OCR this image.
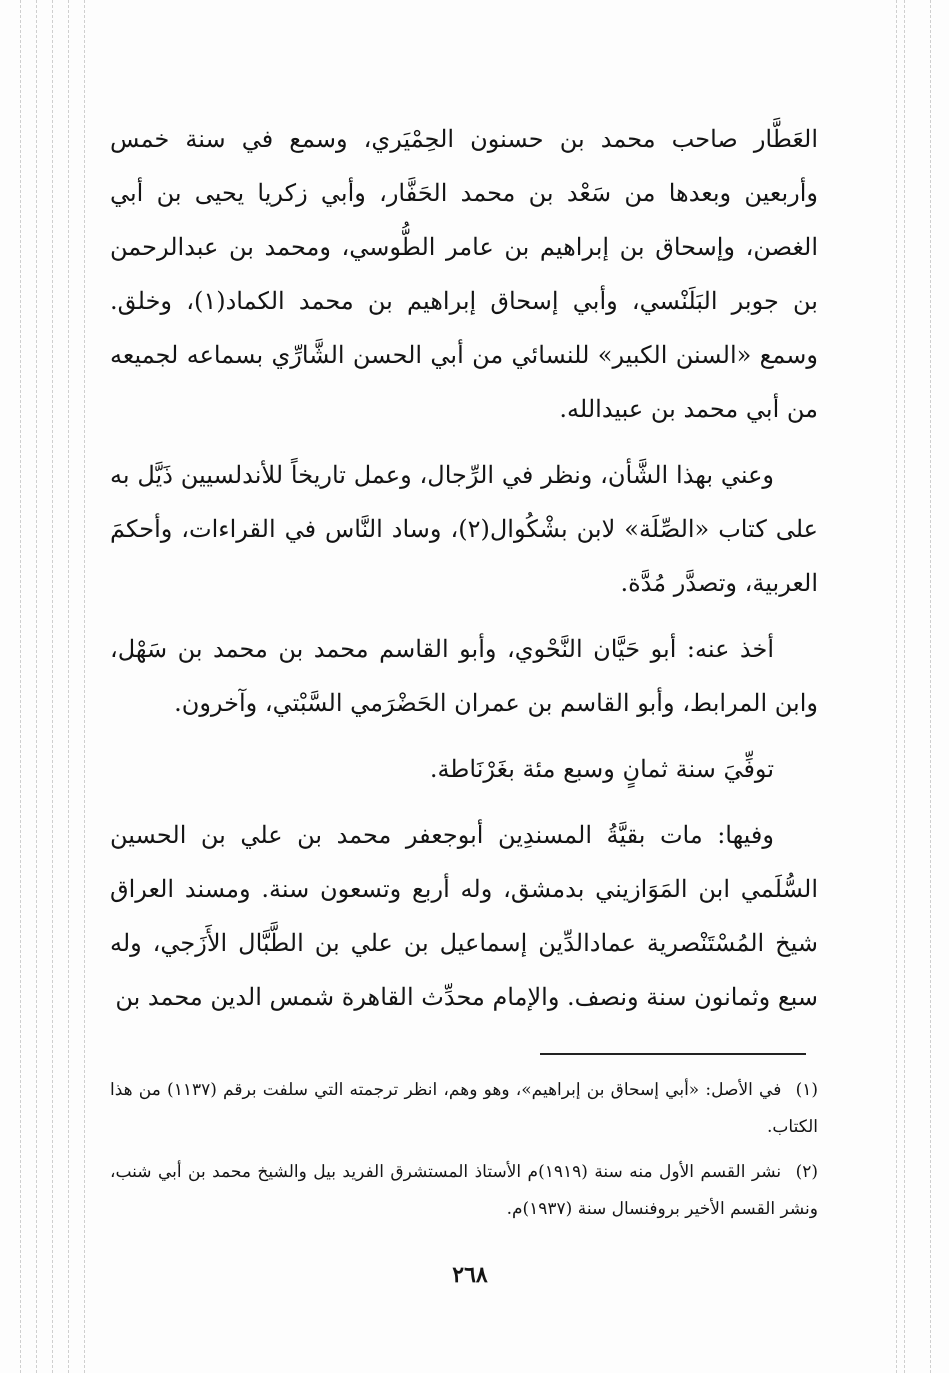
العَطَّار صاحب محمد بن حسنون الحِمْيَري، وسمع في سنة خمس وأربعين وبعدها من سَعْد بن محمد الحَفَّار، وأبي زكريا يحيى بن أبي الغصن، وإسحاق بن إبراهيم بن عامر الطُّوسي، ومحمد بن عبدالرحمن بن جوبر البَلَنْسي، وأبي إسحاق إبراهيم بن محمد الكماد(١)، وخلق. وسمع «السنن الكبير» للنسائي من أبي الحسن الشَّارِّي بسماعه لجميعه من أبي محمد بن عبيدالله.

وعني بهذا الشَّأن، ونظر في الرِّجال، وعمل تاريخاً للأندلسيين ذَيَّل به على كتاب «الصِّلَة» لابن بشْكُوال(٢)، وساد النَّاس في القراءات، وأحكمَ العربية، وتصدَّر مُدَّة.

أخذ عنه: أبو حَيَّان النَّحْوي، وأبو القاسم محمد بن محمد بن سَهْل، وابن المرابط، وأبو القاسم بن عمران الحَضْرَمي السَّبْتي، وآخرون.

توفِّيَ سنة ثمانٍ وسبع مئة بغَرْنَاطة.

وفيها: مات بقيَّةُ المسندِين أبوجعفر محمد بن علي بن الحسين السُّلَمي ابن المَوَازيني بدمشق، وله أربع وتسعون سنة. ومسند العراق شيخ المُسْتَنْصرية عمادالدِّين إسماعيل بن علي بن الطَّبَّال الأَزَجي، وله سبع وثمانون سنة ونصف. والإمام محدِّث القاهرة شمس الدين محمد بن

(١) في الأصل: «أبي إسحاق بن إبراهيم»، وهو وهم، انظر ترجمته التي سلفت برقم (١١٣٧) من هذا الكتاب.

(٢) نشر القسم الأول منه سنة (١٩١٩)م الأستاذ المستشرق الفريد بيل والشيخ محمد بن أبي شنب، ونشر القسم الأخير بروفنسال سنة (١٩٣٧)م.

٢٦٨
